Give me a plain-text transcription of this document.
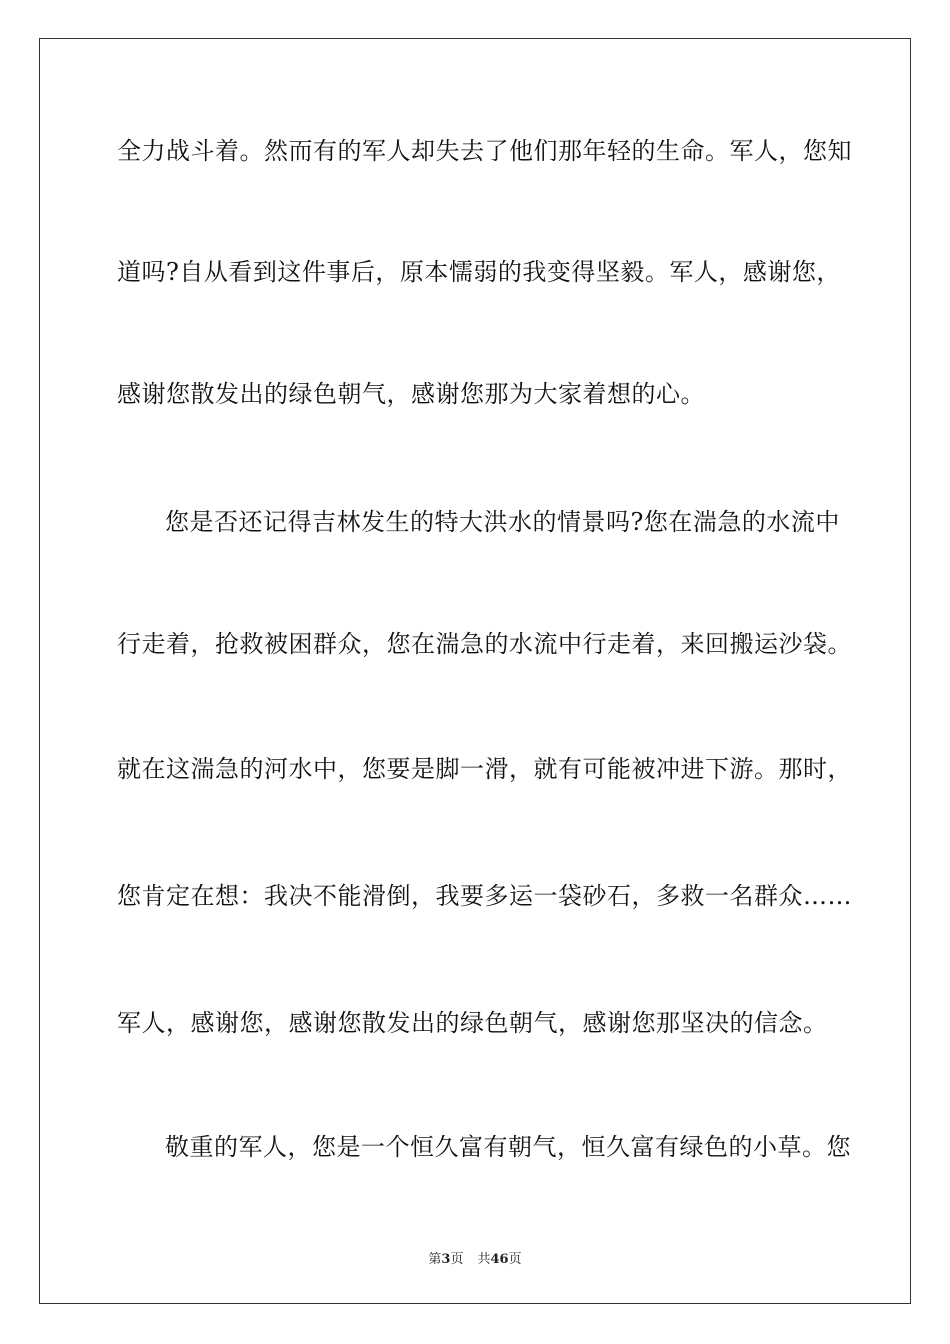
全力战斗着。然而有的军人却失去了他们那年轻的生命。军人，您知
道吗?自从看到这件事后，原本懦弱的我变得坚毅。军人，感谢您，
感谢您散发出的绿色朝气，感谢您那为大家着想的心。
您是否还记得吉林发生的特大洪水的情景吗?您在湍急的水流中
行走着，抢救被困群众，您在湍急的水流中行走着，来回搬运沙袋。
就在这湍急的河水中，您要是脚一滑，就有可能被冲进下游。那时，
您肯定在想：我决不能滑倒，我要多运一袋砂石，多救一名群众……
军人，感谢您，感谢您散发出的绿色朝气，感谢您那坚决的信念。
敬重的军人，您是一个恒久富有朝气，恒久富有绿色的小草。您
第3页 共46页
